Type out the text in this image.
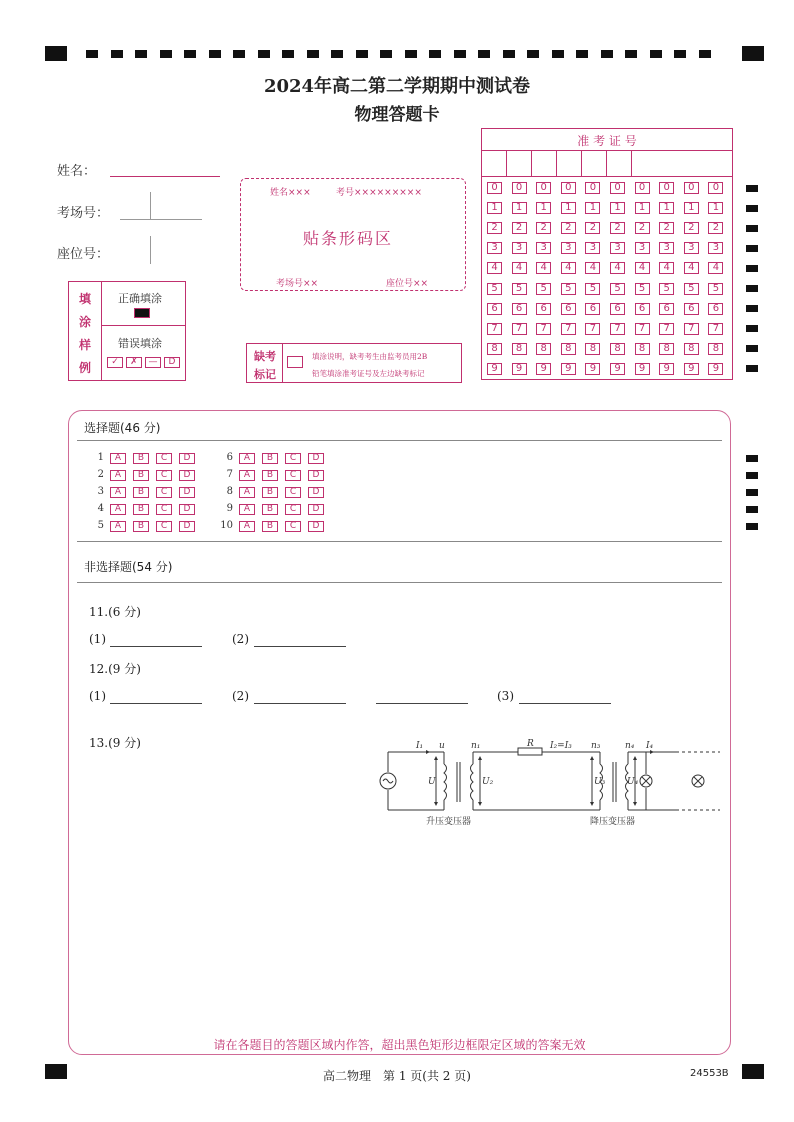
2024年高二第二学期期中测试卷
物理答题卡
姓名：
考场号：
座位号：
姓名×××	考号×××××××××
贴条形码区
考场号××	座位号××
填
涂
样
例
正确填涂
错误填涂
✓	✗	—	D	缺考
标记
填涂说明，缺考考生由监考员用2B
铅笔填涂准考证号及左边缺考标记
准 考 证 号
0	0	0	0	0	0	0	0	0	0
1	1	1	1	1	1	1	1	1	1
2	2	2	2	2	2	2	2	2	2
3	3	3	3	3	3	3	3	3	3
4	4	4	4	4	4	4	4	4	4
5	5	5	5	5	5	5	5	5	5
6	6	6	6	6	6	6	6	6	6
7	7	7	7	7	7	7	7	7	7
8	8	8	8	8	8	8	8	8	8
9	9	9	9	9	9	9	9	9	9
选择题(46 分)
1	A	B	C	D
2	A	B	C	D
3	A	B	C	D
4	A	B	C	D
5	A	B	C	D
6	A	B	C	D
7	A	B	C	D
8	A	B	C	D
9	A	B	C	D
10	A	B	C	D
非选择题(54 分)
11.(6 分)
(1)	(2)
12.(9 分)
(1)	(2)	(3)
13.(9 分)	I₁ u	n₁
U	U₂
R I₂=I₃ n₃
U₃
n₄ I₄
U₄
升压变压器	降压变压器
请在各题目的答题区域内作答，超出黑色矩形边框限定区域的答案无效
高二物理　第 1 页(共 2 页)	24553B
